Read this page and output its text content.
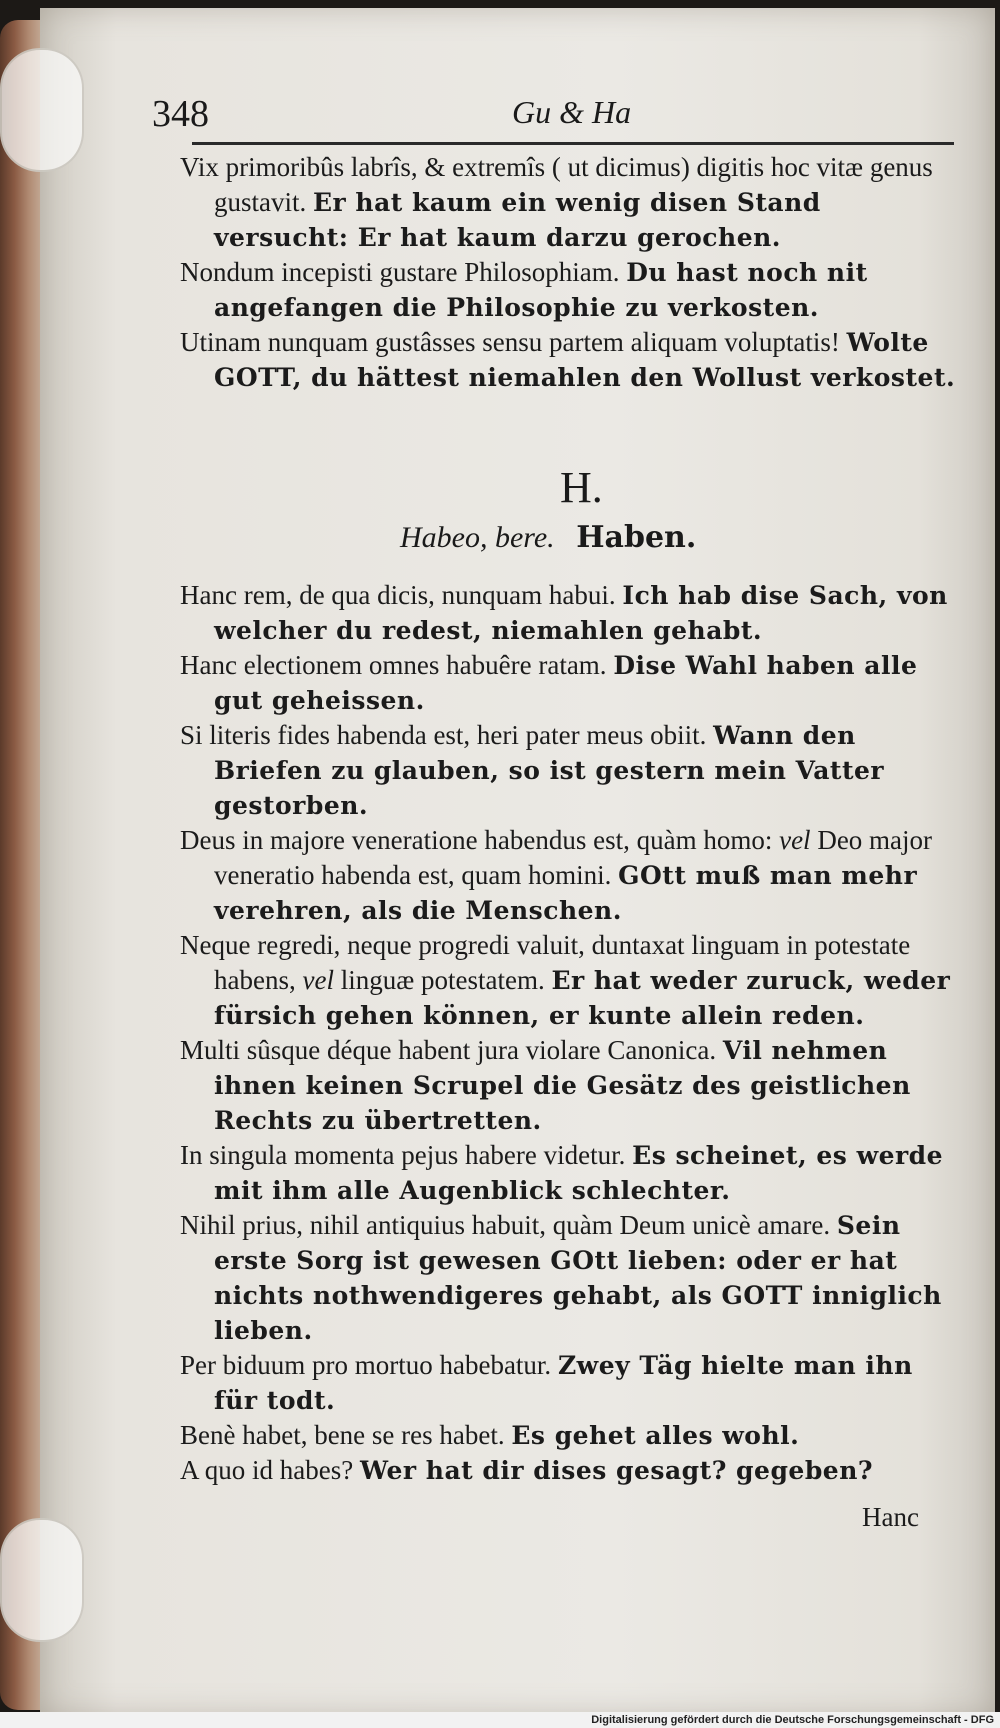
348	Gu & Ha

Vix primoribûs labrîs, & extremîs ( ut dicimus) digitis hoc vitæ genus gustavit. Er hat kaum ein wenig disen Stand versucht: Er hat kaum darzu gerochen.

Nondum incepisti gustare Philosophiam. Du hast noch nit angefangen die Philosophie zu verkosten.

Utinam nunquam gustâsses sensu partem aliquam voluptatis! Wolte GOTT, du hättest niemahlen den Wollust verkostet.

H.
Habeo, bere. Haben.

Hanc rem, de qua dicis, nunquam habui. Ich hab dise Sach, von welcher du redest, niemahlen gehabt.

Hanc electionem omnes habuêre ratam. Dise Wahl haben alle gut geheissen.

Si literis fides habenda est, heri pater meus obiit. Wann den Briefen zu glauben, so ist gestern mein Vatter gestorben.

Deus in majore veneratione habendus est, quàm homo: vel Deo major veneratio habenda est, quam homini. GOtt muß man mehr verehren, als die Menschen.

Neque regredi, neque progredi valuit, duntaxat linguam in potestate habens, vel linguæ potestatem. Er hat weder zuruck, weder fürsich gehen können, er kunte allein reden.

Multi sûsque déque habent jura violare Canonica. Vil nehmen ihnen keinen Scrupel die Gesätz des geistlichen Rechts zu übertretten.

In singula momenta pejus habere videtur. Es scheinet, es werde mit ihm alle Augenblick schlechter.

Nihil prius, nihil antiquius habuit, quàm Deum unicè amare. Sein erste Sorg ist gewesen GOtt lieben: oder er hat nichts nothwendigeres gehabt, als GOTT inniglich lieben.

Per biduum pro mortuo habebatur. Zwey Täg hielte man ihn für todt.

Benè habet, bene se res habet. Es gehet alles wohl.

A quo id habes? Wer hat dir dises gesagt? gegeben?

Hanc
Digitalisierung gefördert durch die Deutsche Forschungsgemeinschaft - DFG
